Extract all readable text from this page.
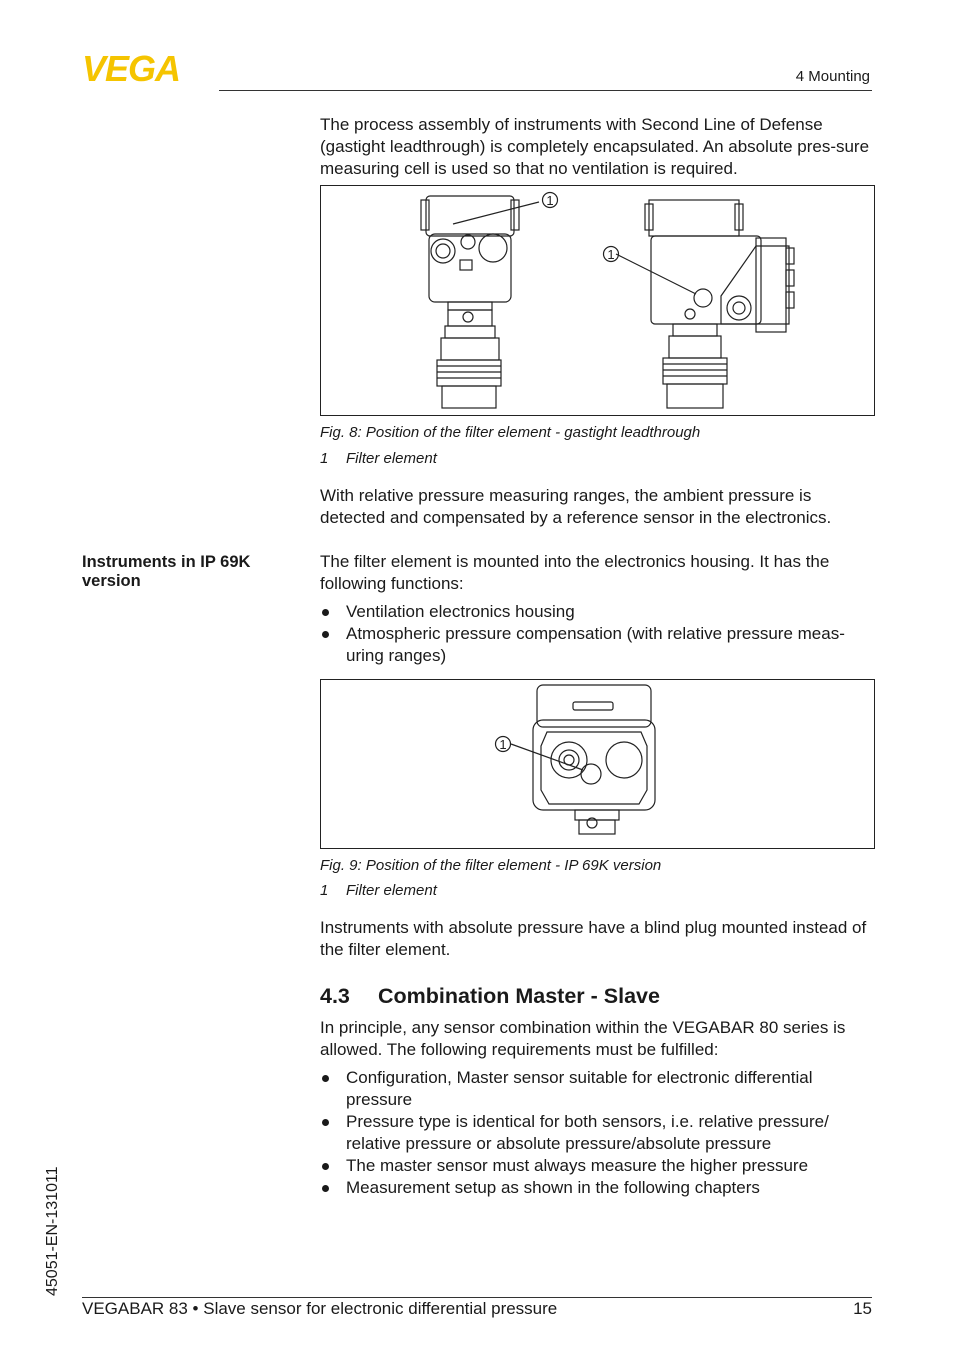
VEGA	4 Mounting
The process assembly of instruments with Second Line of Defense (gastight leadthrough) is completely encapsulated. An absolute pres-sure measuring cell is used so that no ventilation is required.
1
1
Fig. 8: Position of the filter element - gastight leadthrough
1 Filter element
With relative pressure measuring ranges, the ambient pressure is detected and compensated by a reference sensor in the electronics.
Instruments in IP 69K version
The filter element is mounted into the electronics housing. It has the following functions:
Ventilation electronics housing
Atmospheric pressure compensation (with relative pressure meas-uring ranges)
1
Fig. 9: Position of the filter element - IP 69K version
1 Filter element
Instruments with absolute pressure have a blind plug mounted instead of the filter element.
4.3 Combination Master - Slave
In principle, any sensor combination within the VEGABAR 80 series is allowed. The following requirements must be fulfilled:
Configuration, Master sensor suitable for electronic differential pressure
Pressure type is identical for both sensors, i.e. relative pressure/ relative pressure or absolute pressure/absolute pressure
The master sensor must always measure the higher pressure
Measurement setup as shown in the following chapters
45051-EN-131011
VEGABAR 83 • Slave sensor for electronic differential pressure	15
